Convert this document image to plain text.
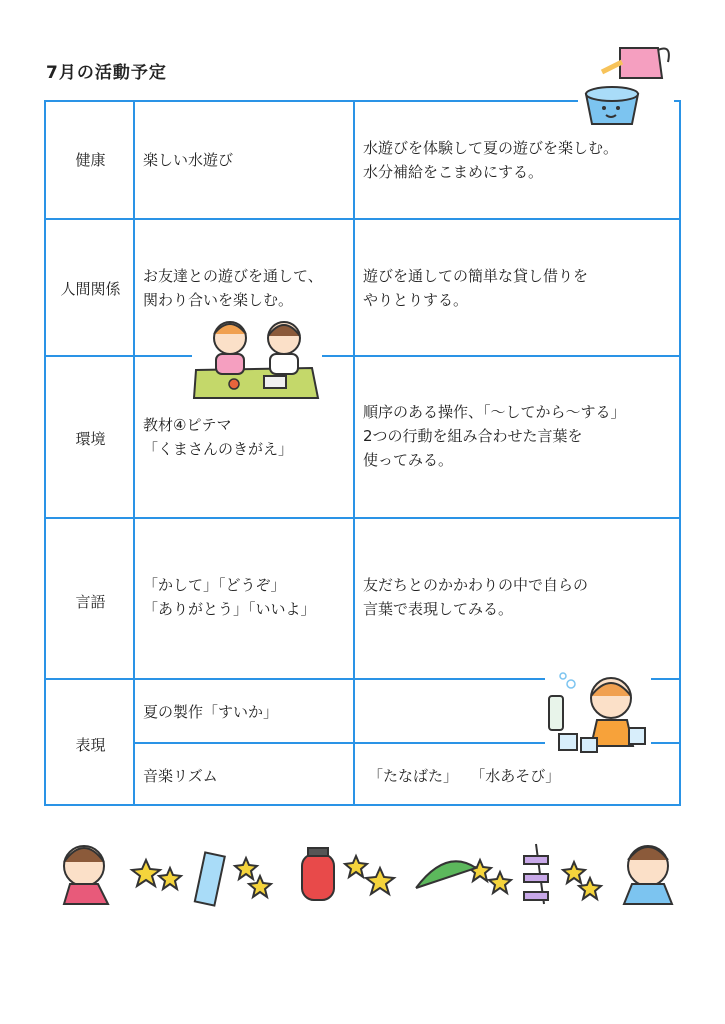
7月の活動予定
健康	楽しい水遊び
水遊びを体験して夏の遊びを楽しむ。
水分補給をこまめにする。
人間関係
お友達との遊びを通して、
関わり合いを楽しむ。
遊びを通しての簡単な貸し借りを
やりとりする。
環境
教材④ピテマ
「くまさんのきがえ」
順序のある操作、「～してから～する」
2つの行動を組み合わせた言葉を
使ってみる。
言語
「かして」「どうぞ」
「ありがとう」「いいよ」
友だちとのかかわりの中で自らの
言葉で表現してみる。
表現
夏の製作「すいか」
音楽リズム	「たなばた」　 「水あそび」
